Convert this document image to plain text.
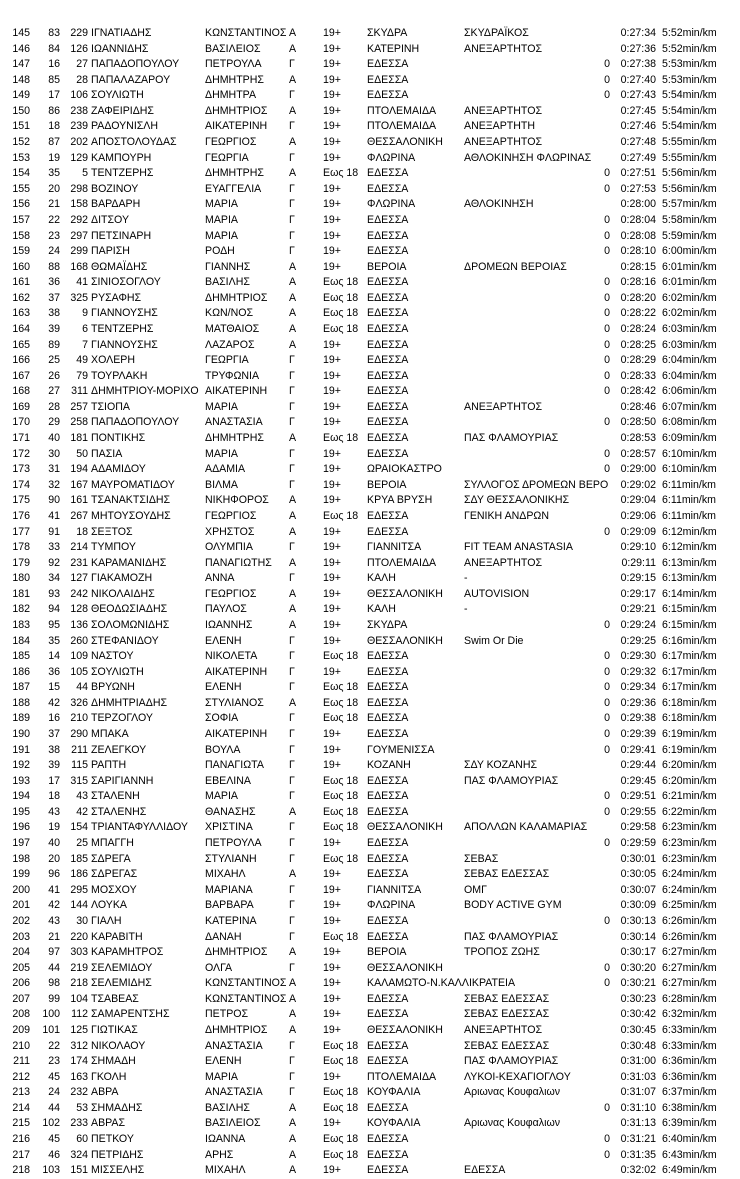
145	83 229 ΙΓΝΑΤΙΑΔΗΣ	ΚΩΝΣΤΑΝΤΙΝΟΣ Α	19+	ΣΚΥΔΡΑ	ΣΚΥΔΡΑΪΚΟΣ	0:27:34 5:52min/km
146	84 126 ΙΩΑΝΝΙΔΗΣ	ΒΑΣΙΛΕΙΟΣ	Α	19+	ΚΑΤΕΡΙΝΗ	ΑΝΕΞΑΡΤΗΤΟΣ	0:27:36 5:52min/km
147	16	27 ΠΑΠΑΔΟΠΟΥΛΟΥ	ΠΕΤΡΟΥΛΑ	Γ	19+	ΕΔΕΣΣΑ	0	0:27:38 5:53min/km
148	85	28 ΠΑΠΑΛΑΖΑΡΟΥ	ΔΗΜΗΤΡΗΣ	Α	19+	ΕΔΕΣΣΑ	0	0:27:40 5:53min/km
149	17 106 ΣΟΥΛΙΩΤΗ	ΔΗΜΗΤΡΑ	Γ	19+	ΕΔΕΣΣΑ	0	0:27:43 5:54min/km
150	86 238 ΖΑΦΕΙΡΙΔΗΣ	ΔΗΜΗΤΡΙΟΣ	Α	19+	ΠΤΟΛΕΜΑΙΔΑ	ΑΝΕΞΑΡΤΗΤΟΣ	0:27:45 5:54min/km
151	18 239 ΡΑΔΟΥΝΙΣΛΗ	ΑΙΚΑΤΕΡΙΝΗ	Γ	19+	ΠΤΟΛΕΜΑΙΔΑ	ΑΝΕΞΑΡΤΗΤΗ	0:27:46 5:54min/km
152	87 202 ΑΠΟΣΤΟΛΟΥΔΑΣ	ΓΕΩΡΓΙΟΣ	Α	19+	ΘΕΣΣΑΛΟΝΙΚΗ	ΑΝΕΞΑΡΤΗΤΟΣ	0:27:48 5:55min/km
153	19 129 ΚΑΜΠΟΥΡΗ	ΓΕΩΡΓΙΑ	Γ	19+	ΦΛΩΡΙΝΑ	ΑΘΛΟΚΙΝΗΣΗ ΦΛΩΡΙΝΑΣ	0:27:49 5:55min/km
154	35	5 ΤΕΝΤΖΕΡΗΣ	ΔΗΜΗΤΡΗΣ	Α	Εως 18 ΕΔΕΣΣΑ	0	0:27:51 5:56min/km
155	20 298 ΒΟΖΙΝΟΥ	ΕΥΑΓΓΕΛΙΑ	Γ	19+	ΕΔΕΣΣΑ	0	0:27:53 5:56min/km
156	21 158 ΒΑΡΔΑΡΗ	ΜΑΡΙΑ	Γ	19+	ΦΛΩΡΙΝΑ	ΑΘΛΟΚΙΝΗΣΗ	0:28:00 5:57min/km
157	22 292 ΔΙΤΣΟΥ	ΜΑΡΙΑ	Γ	19+	ΕΔΕΣΣΑ	0	0:28:04 5:58min/km
158	23 297 ΠΕΤΣΙΝΑΡΗ	ΜΑΡΙΑ	Γ	19+	ΕΔΕΣΣΑ	0	0:28:08 5:59min/km
159	24 299 ΠΑΡΙΣΗ	ΡΟΔΗ	Γ	19+	ΕΔΕΣΣΑ	0	0:28:10 6:00min/km
160	88 168 ΘΩΜΑΪΔΗΣ	ΓΙΑΝΝΗΣ	Α	19+	ΒΕΡΟΙΑ	ΔΡΟΜΕΩΝ ΒΕΡΟΙΑΣ	0:28:15 6:01min/km
161	36	41 ΣΙΝΙΟΣΟΓΛΟΥ	ΒΑΣΙΛΗΣ	Α	Εως 18 ΕΔΕΣΣΑ	0	0:28:16 6:01min/km
162	37 325 ΡΥΣΑΦΗΣ	ΔΗΜΗΤΡΙΟΣ	Α	Εως 18 ΕΔΕΣΣΑ	0	0:28:20 6:02min/km
163	38	9 ΓΙΑΝΝΟΥΣΗΣ	ΚΩΝ/ΝΟΣ	Α	Εως 18 ΕΔΕΣΣΑ	0	0:28:22 6:02min/km
164	39	6 ΤΕΝΤΖΕΡΗΣ	ΜΑΤΘΑΙΟΣ	Α	Εως 18 ΕΔΕΣΣΑ	0	0:28:24 6:03min/km
165	89	7 ΓΙΑΝΝΟΥΣΗΣ	ΛΑΖΑΡΟΣ	Α	19+	ΕΔΕΣΣΑ	0	0:28:25 6:03min/km
166	25	49 ΧΟΛΕΡΗ	ΓΕΩΡΓΙΑ	Γ	19+	ΕΔΕΣΣΑ	0	0:28:29 6:04min/km
167	26	79 ΤΟΥΡΛΑΚΗ	ΤΡΥΦΩΝΙΑ	Γ	19+	ΕΔΕΣΣΑ	0	0:28:33 6:04min/km
168	27	311 ΔΗΜΗΤΡΙΟΥ-ΜΟΡΙΧΟ ΑΙΚΑΤΕΡΙΝΗ	Γ	19+	ΕΔΕΣΣΑ	0	0:28:42 6:06min/km
169	28 257 ΤΣΙΟΠΑ	ΜΑΡΙΑ	Γ	19+	ΕΔΕΣΣΑ	ΑΝΕΞΑΡΤΗΤΟΣ	0:28:46 6:07min/km
170	29 258 ΠΑΠΑΔΟΠΟΥΛΟΥ	ΑΝΑΣΤΑΣΙΑ	Γ	19+	ΕΔΕΣΣΑ	0	0:28:50 6:08min/km
171	40 181 ΠΟΝΤΙΚΗΣ	ΔΗΜΗΤΡΗΣ	Α	Εως 18 ΕΔΕΣΣΑ	ΠΑΣ ΦΛΑΜΟΥΡΙΑΣ	0:28:53 6:09min/km
172	30	50 ΠΑΣΙΑ	ΜΑΡΙΑ	Γ	19+	ΕΔΕΣΣΑ	0	0:28:57 6:10min/km
173	31 194 ΑΔΑΜΙΔΟΥ	ΑΔΑΜΙΑ	Γ	19+	ΩΡΑΙΟΚΑΣΤΡΟ	0	0:29:00 6:10min/km
174	32 167 ΜΑΥΡΟΜΑΤΙΔΟΥ	ΒΙΛΜΑ	Γ	19+	ΒΕΡΟΙΑ	ΣΥΛΛΟΓΟΣ ΔΡΟΜΕΩΝ ΒΕΡΟ	0:29:02 6:11min/km
175	90 161 ΤΣΑΝΑΚΤΣΙΔΗΣ	ΝΙΚΗΦΟΡΟΣ	Α	19+	ΚΡΥΑ ΒΡΥΣΗ	ΣΔΥ ΘΕΣΣΑΛΟΝΙΚΗΣ	0:29:04 6:11min/km
176	41 267 ΜΗΤΟΥΣΟΥΔΗΣ	ΓΕΩΡΓΙΟΣ	Α	Εως 18 ΕΔΕΣΣΑ	ΓΕΝΙΚΗ ΑΝΔΡΩΝ	0:29:06 6:11min/km
177	91	18 ΣΕΞΤΟΣ	ΧΡΗΣΤΟΣ	Α	19+	ΕΔΕΣΣΑ	0	0:29:09 6:12min/km
178	33 214 ΤΥΜΠΟΥ	ΟΛΥΜΠΙΑ	Γ	19+	ΓΙΑΝΝΙΤΣΑ	FIT TEAM ANASTASIA	0:29:10 6:12min/km
179	92 231 ΚΑΡΑΜΑΝΙΔΗΣ	ΠΑΝΑΓΙΩΤΗΣ	Α	19+	ΠΤΟΛΕΜΑΙΔΑ	ΑΝΕΞΑΡΤΗΤΟΣ	0:29:11 6:13min/km
180	34 127 ΓΙΑΚΑΜΟΖΗ	ΑΝΝΑ	Γ	19+	ΚΑΛΗ	-	0:29:15 6:13min/km
181	93 242 ΝΙΚΟΛΑΙΔΗΣ	ΓΕΩΡΓΙΟΣ	Α	19+	ΘΕΣΣΑΛΟΝΙΚΗ	AUTOVISION	0:29:17 6:14min/km
182	94 128 ΘΕΟΔΩΣΙΑΔΗΣ	ΠΑΥΛΟΣ	Α	19+	ΚΑΛΗ	-	0:29:21 6:15min/km
183	95 136 ΣΟΛΟΜΩΝΙΔΗΣ	ΙΩΑΝΝΗΣ	Α	19+	ΣΚΥΔΡΑ	0	0:29:24 6:15min/km
184	35 260 ΣΤΕΦΑΝΙΔΟΥ	ΕΛΕΝΗ	Γ	19+	ΘΕΣΣΑΛΟΝΙΚΗ	Swim Or Die	0:29:25 6:16min/km
185	14 109 ΝΑΣΤΟΥ	ΝΙΚΟΛΕΤΑ	Γ	Εως 18 ΕΔΕΣΣΑ	0	0:29:30 6:17min/km
186	36 105 ΣΟΥΛΙΩΤΗ	ΑΙΚΑΤΕΡΙΝΗ	Γ	19+	ΕΔΕΣΣΑ	0	0:29:32 6:17min/km
187	15	44 ΒΡΥΩΝΗ	ΕΛΕΝΗ	Γ	Εως 18 ΕΔΕΣΣΑ	0	0:29:34 6:17min/km
188	42 326 ΔΗΜΗΤΡΙΑΔΗΣ	ΣΤΥΛΙΑΝΟΣ	Α	Εως 18 ΕΔΕΣΣΑ	0	0:29:36 6:18min/km
189	16 210 ΤΕΡΖΟΓΛΟΥ	ΣΟΦΙΑ	Γ	Εως 18 ΕΔΕΣΣΑ	0	0:29:38 6:18min/km
190	37 290 ΜΠΑΚΑ	ΑΙΚΑΤΕΡΙΝΗ	Γ	19+	ΕΔΕΣΣΑ	0	0:29:39 6:19min/km
191	38	211 ΖΕΛΕΓΚΟΥ	ΒΟΥΛΑ	Γ	19+	ΓΟΥΜΕΝΙΣΣΑ	0	0:29:41 6:19min/km
192	39	115 ΡΑΠΤΗ	ΠΑΝΑΓΙΩΤΑ	Γ	19+	ΚΟΖΑΝΗ	ΣΔΥ ΚΟΖΑΝΗΣ	0:29:44 6:20min/km
193	17 315 ΣΑΡΙΓΙΑΝΝΗ	ΕΒΕΛΙΝΑ	Γ	Εως 18 ΕΔΕΣΣΑ	ΠΑΣ ΦΛΑΜΟΥΡΙΑΣ	0:29:45 6:20min/km
194	18	43 ΣΤΑΛΕΝΗ	ΜΑΡΙΑ	Γ	Εως 18 ΕΔΕΣΣΑ	0	0:29:51 6:21min/km
195	43	42 ΣΤΑΛΕΝΗΣ	ΘΑΝΑΣΗΣ	Α	Εως 18 ΕΔΕΣΣΑ	0	0:29:55 6:22min/km
196	19 154 ΤΡΙΑΝΤΑΦΥΛΛΙΔΟΥ	ΧΡΙΣΤΙΝΑ	Γ	Εως 18 ΘΕΣΣΑΛΟΝΙΚΗ	ΑΠΟΛΛΩΝ ΚΑΛΑΜΑΡΙΑΣ	0:29:58 6:23min/km
197	40	25 ΜΠΑΓΓΗ	ΠΕΤΡΟΥΛΑ	Γ	19+	ΕΔΕΣΣΑ	0	0:29:59 6:23min/km
198	20 185 ΣΔΡΕΓΑ	ΣΤΥΛΙΑΝΗ	Γ	Εως 18 ΕΔΕΣΣΑ	ΣΕΒΑΣ	0:30:01 6:23min/km
199	96 186 ΣΔΡΕΓΑΣ	ΜΙΧΑΗΛ	Α	19+	ΕΔΕΣΣΑ	ΣΕΒΑΣ ΕΔΕΣΣΑΣ	0:30:05 6:24min/km
200	41 295 ΜΟΣΧΟΥ	ΜΑΡΙΑΝΑ	Γ	19+	ΓΙΑΝΝΙΤΣΑ	ΟΜΓ	0:30:07 6:24min/km
201	42 144 ΛΟΥΚΑ	ΒΑΡΒΑΡΑ	Γ	19+	ΦΛΩΡΙΝΑ	BODY ACTIVE GYM	0:30:09 6:25min/km
202	43	30 ΓΙΑΛΗ	ΚΑΤΕΡΙΝΑ	Γ	19+	ΕΔΕΣΣΑ	0	0:30:13 6:26min/km
203	21 220 ΚΑΡΑΒΙΤΗ	ΔΑΝΑΗ	Γ	Εως 18 ΕΔΕΣΣΑ	ΠΑΣ ΦΛΑΜΟΥΡΙΑΣ	0:30:14 6:26min/km
204	97 303 ΚΑΡΑΜΗΤΡΟΣ	ΔΗΜΗΤΡΙΟΣ	Α	19+	ΒΕΡΟΙΑ	ΤΡΟΠΟΣ ΖΩΗΣ	0:30:17 6:27min/km
205	44 219 ΣΕΛΕΜΙΔΟΥ	ΟΛΓΑ	Γ	19+	ΘΕΣΣΑΛΟΝΙΚΗ	0	0:30:20 6:27min/km
206	98 218 ΣΕΛΕΜΙΔΗΣ	ΚΩΝΣΤΑΝΤΙΝΟΣ Α	19+	ΚΑΛΑΜΩΤΟ-Ν.ΚΑΛΛΙΚΡΑΤΕΙΑ	0	0:30:21 6:27min/km
207	99 104 ΤΣΑΒΕΑΣ	ΚΩΝΣΤΑΝΤΙΝΟΣ Α	19+	ΕΔΕΣΣΑ	ΣΕΒΑΣ ΕΔΕΣΣΑΣ	0:30:23 6:28min/km
208	100	112 ΣΑΜΑΡΕΝΤΣΗΣ	ΠΕΤΡΟΣ	Α	19+	ΕΔΕΣΣΑ	ΣΕΒΑΣ ΕΔΕΣΣΑΣ	0:30:42 6:32min/km
209	101 125 ΓΙΩΤΙΚΑΣ	ΔΗΜΗΤΡΙΟΣ	Α	19+	ΘΕΣΣΑΛΟΝΙΚΗ	ΑΝΕΞΑΡΤΗΤΟΣ	0:30:45 6:33min/km
210	22 312 ΝΙΚΟΛΑΟΥ	ΑΝΑΣΤΑΣΙΑ	Γ	Εως 18 ΕΔΕΣΣΑ	ΣΕΒΑΣ ΕΔΕΣΣΑΣ	0:30:48 6:33min/km
211	23 174 ΣΗΜΑΔΗ	ΕΛΕΝΗ	Γ	Εως 18 ΕΔΕΣΣΑ	ΠΑΣ ΦΛΑΜΟΥΡΙΑΣ	0:31:00 6:36min/km
212	45 163 ΓΚΟΛΗ	ΜΑΡΙΑ	Γ	19+	ΠΤΟΛΕΜΑΙΔΑ	ΛΥΚΟΙ-ΚΕΧΑΓΙΟΓΛΟΥ	0:31:03 6:36min/km
213	24 232 ΑΒΡΑ	ΑΝΑΣΤΑΣΙΑ	Γ	Εως 18 ΚΟΥΦΑΛΙΑ	Αριωνας Κουφαλιων	0:31:07 6:37min/km
214	44	53 ΣΗΜΑΔΗΣ	ΒΑΣΙΛΗΣ	Α	Εως 18 ΕΔΕΣΣΑ	0	0:31:10 6:38min/km
215	102 233 ΑΒΡΑΣ	ΒΑΣΙΛΕΙΟΣ	Α	19+	ΚΟΥΦΑΛΙΑ	Αριωνας Κουφαλιων	0:31:13 6:39min/km
216	45	60 ΠΕΤΚΟΥ	ΙΩΑΝΝΑ	Α	Εως 18 ΕΔΕΣΣΑ	0	0:31:21 6:40min/km
217	46 324 ΠΕΤΡΙΔΗΣ	ΑΡΗΣ	Α	Εως 18 ΕΔΕΣΣΑ	0	0:31:35 6:43min/km
218	103 151 ΜΙΣΣΕΛΗΣ	ΜΙΧΑΗΛ	Α	19+	ΕΔΕΣΣΑ	ΕΔΕΣΣΑ	0:32:02 6:49min/km
